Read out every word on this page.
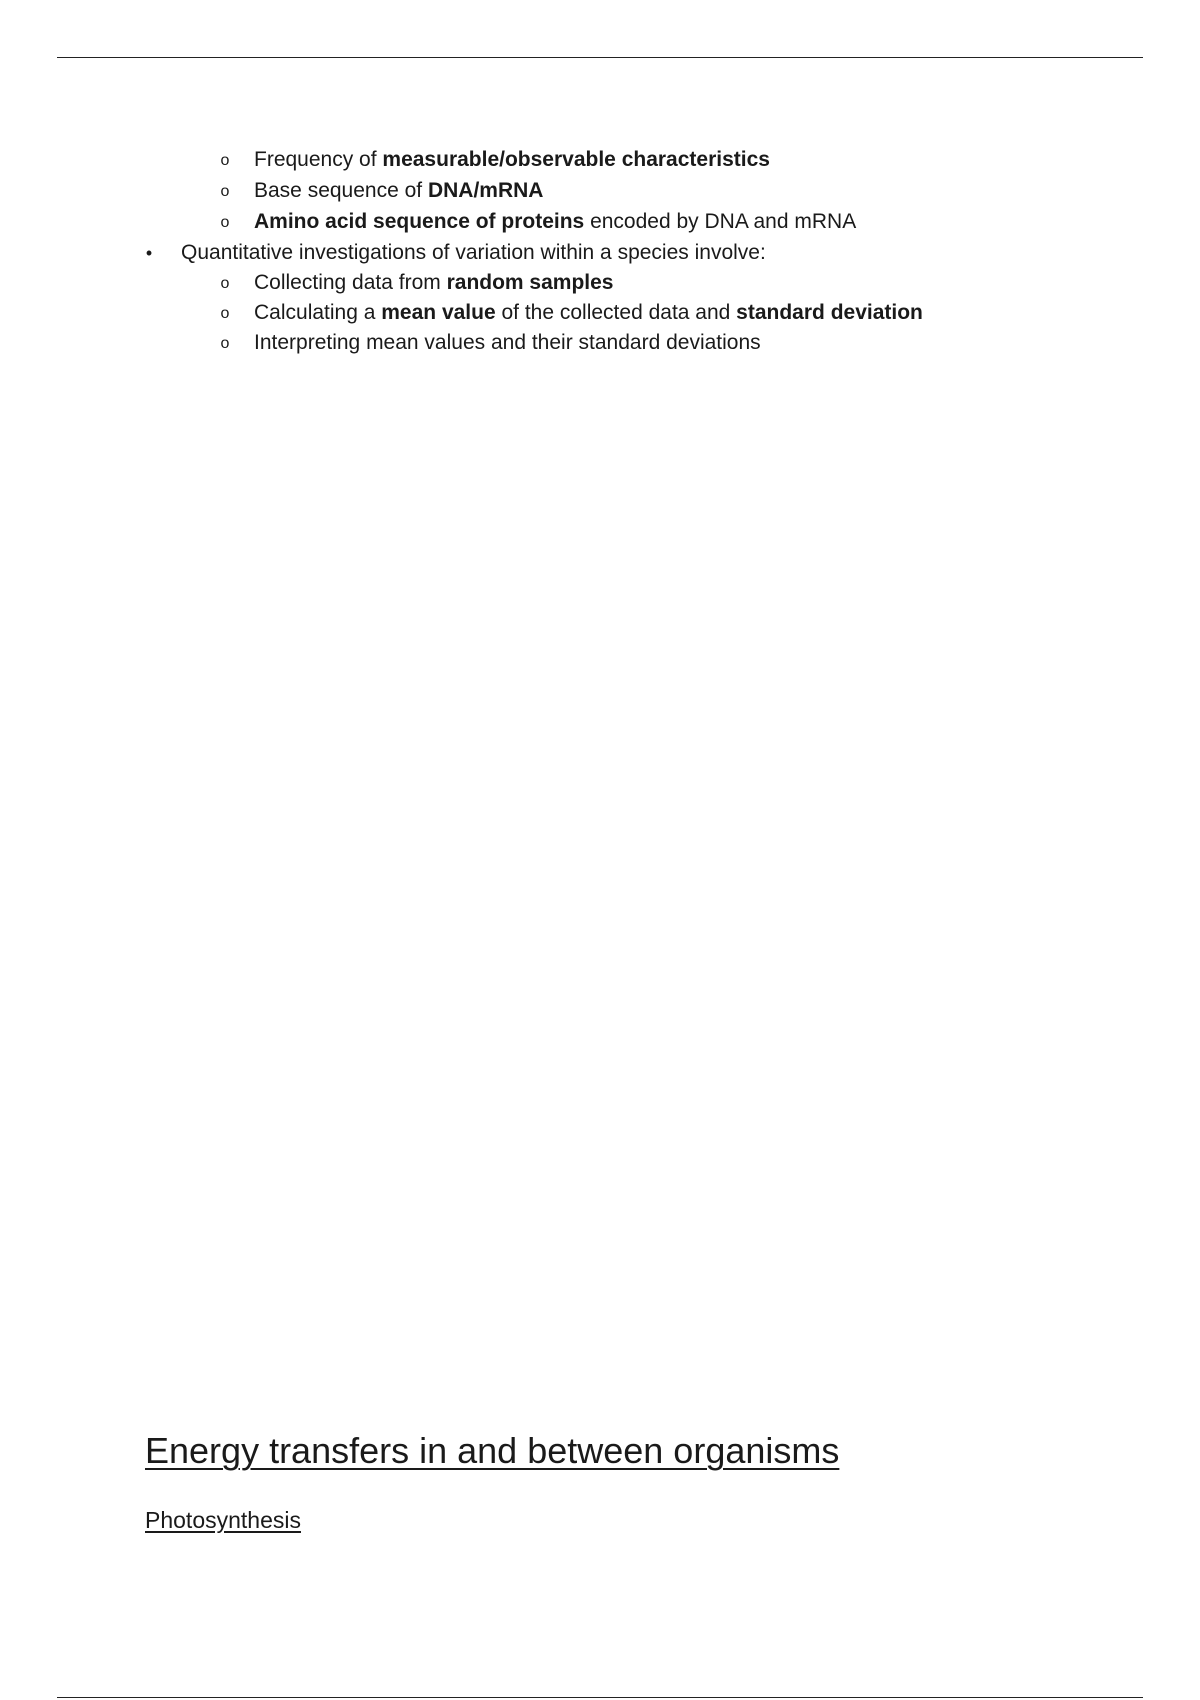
o Frequency of measurable/observable characteristics
o Base sequence of DNA/mRNA
o Amino acid sequence of proteins encoded by DNA and mRNA
• Quantitative investigations of variation within a species involve:
o Collecting data from random samples
o Calculating a mean value of the collected data and standard deviation
o Interpreting mean values and their standard deviations
Energy transfers in and between organisms
Photosynthesis
